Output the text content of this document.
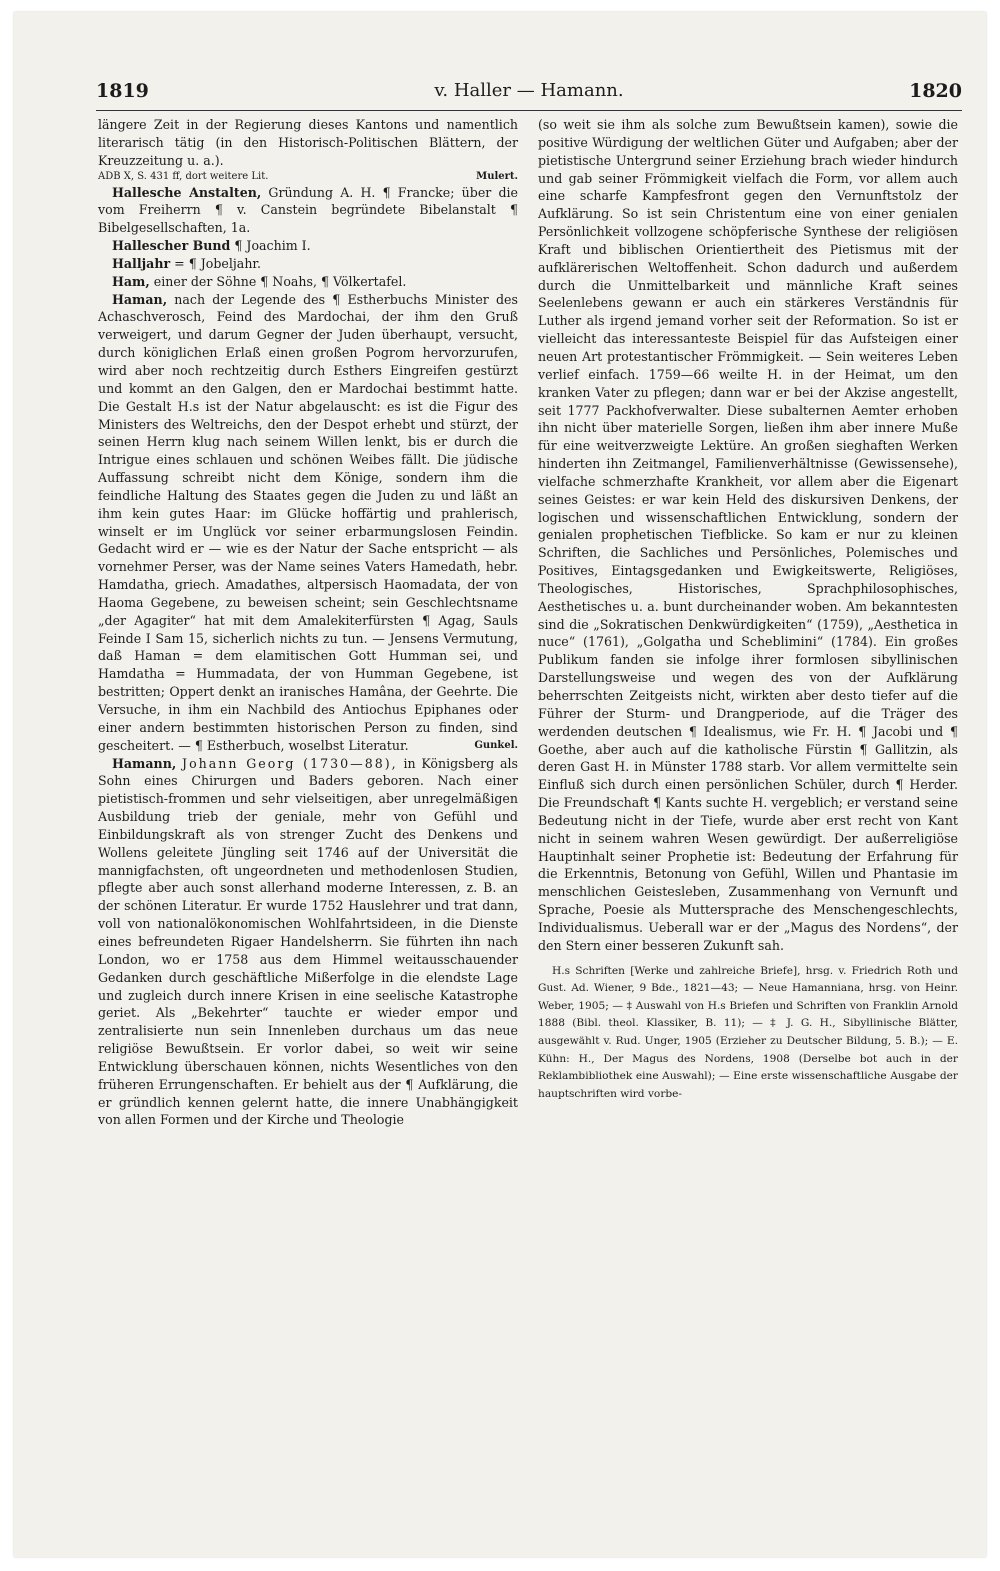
1819	v. Haller — Hamann.	1820

längere Zeit in der Regierung dieses Kantons und namentlich literarisch tätig (in den Historisch-Politischen Blättern, der Kreuzzeitung u. a.).
ADB X, S. 431 ff, dort weitere Lit.	Mulert.

Hallesche Anstalten, Gründung A. H. ¶ Francke; über die vom Freiherrn ¶ v. Canstein begründete Bibelanstalt ¶ Bibelgesellschaften, 1a.

Hallescher Bund ¶ Joachim I.

Halljahr = ¶ Jobeljahr.

Ham, einer der Söhne ¶ Noahs, ¶ Völkertafel.

Haman, nach der Legende des ¶ Estherbuchs Minister des Achaschverosch, Feind des Mardochai, der ihm den Gruß verweigert, und darum Gegner der Juden überhaupt, versucht, durch königlichen Erlaß einen großen Pogrom hervorzurufen, wird aber noch rechtzeitig durch Esthers Eingreifen gestürzt und kommt an den Galgen, den er Mardochai bestimmt hatte. Die Gestalt H.s ist der Natur abgelauscht: es ist die Figur des Ministers des Weltreichs, den der Despot erhebt und stürzt, der seinen Herrn klug nach seinem Willen lenkt, bis er durch die Intrigue eines schlauen und schönen Weibes fällt. Die jüdische Auffassung schreibt nicht dem Könige, sondern ihm die feindliche Haltung des Staates gegen die Juden zu und läßt an ihm kein gutes Haar: im Glücke hoffärtig und prahlerisch, winselt er im Unglück vor seiner erbarmungslosen Feindin. Gedacht wird er — wie es der Natur der Sache entspricht — als vornehmer Perser, was der Name seines Vaters Hamedath, hebr. Hamdatha, griech. Amadathes, altpersisch Haomadata, der von Haoma Gegebene, zu beweisen scheint; sein Geschlechtsname „der Agagiter“ hat mit dem Amalekiterfürsten ¶ Agag, Sauls Feinde I Sam 15, sicherlich nichts zu tun. — Jensens Vermutung, daß Haman = dem elamitischen Gott Humman sei, und Hamdatha = Hummadata, der von Humman Gegebene, ist bestritten; Oppert denkt an iranisches Hamâna, der Geehrte. Die Versuche, in ihm ein Nachbild des Antiochus Epiphanes oder einer andern bestimmten historischen Person zu finden, sind gescheitert. — ¶ Estherbuch, woselbst Literatur.	Gunkel.

Hamann, Johann Georg (1730—88), in Königsberg als Sohn eines Chirurgen und Baders geboren. Nach einer pietistisch-frommen und sehr vielseitigen, aber unregelmäßigen Ausbildung trieb der geniale, mehr von Gefühl und Einbildungskraft als von strenger Zucht des Denkens und Wollens geleitete Jüngling seit 1746 auf der Universität die mannigfachsten, oft ungeordneten und methodenlosen Studien, pflegte aber auch sonst allerhand moderne Interessen, z. B. an der schönen Literatur. Er wurde 1752 Hauslehrer und trat dann, voll von nationalökonomischen Wohlfahrtsideen, in die Dienste eines befreundeten Rigaer Handelsherrn. Sie führten ihn nach London, wo er 1758 aus dem Himmel weitausschauender Gedanken durch geschäftliche Mißerfolge in die elendste Lage und zugleich durch innere Krisen in eine seelische Katastrophe geriet. Als „Bekehrter“ tauchte er wieder empor und zentralisierte nun sein Innenleben durchaus um das neue religiöse Bewußtsein. Er vorlor dabei, so weit wir seine Entwicklung überschauen können, nichts Wesentliches von den früheren Errungenschaften. Er behielt aus der ¶ Aufklärung, die er gründlich kennen gelernt hatte, die innere Unabhängigkeit von allen Formen und der Kirche und Theologie

(so weit sie ihm als solche zum Bewußtsein kamen), sowie die positive Würdigung der weltlichen Güter und Aufgaben; aber der pietistische Untergrund seiner Erziehung brach wieder hindurch und gab seiner Frömmigkeit vielfach die Form, vor allem auch eine scharfe Kampfesfront gegen den Vernunftstolz der Aufklärung. So ist sein Christentum eine von einer genialen Persönlichkeit vollzogene schöpferische Synthese der religiösen Kraft und biblischen Orientiertheit des Pietismus mit der aufklärerischen Weltoffenheit. Schon dadurch und außerdem durch die Unmittelbarkeit und männliche Kraft seines Seelenlebens gewann er auch ein stärkeres Verständnis für Luther als irgend jemand vorher seit der Reformation. So ist er vielleicht das interessanteste Beispiel für das Aufsteigen einer neuen Art protestantischer Frömmigkeit. — Sein weiteres Leben verlief einfach. 1759—66 weilte H. in der Heimat, um den kranken Vater zu pflegen; dann war er bei der Akzise angestellt, seit 1777 Packhofverwalter. Diese subalternen Aemter erhoben ihn nicht über materielle Sorgen, ließen ihm aber innere Muße für eine weitverzweigte Lektüre. An großen sieghaften Werken hinderten ihn Zeitmangel, Familienverhältnisse (Gewissensehe), vielfache schmerzhafte Krankheit, vor allem aber die Eigenart seines Geistes: er war kein Held des diskursiven Denkens, der logischen und wissenschaftlichen Entwicklung, sondern der genialen prophetischen Tiefblicke. So kam er nur zu kleinen Schriften, die Sachliches und Persönliches, Polemisches und Positives, Eintagsgedanken und Ewigkeitswerte, Religiöses, Theologisches, Historisches, Sprachphilosophisches, Aesthetisches u. a. bunt durcheinander woben. Am bekanntesten sind die „Sokratischen Denkwürdigkeiten“ (1759), „Aesthetica in nuce“ (1761), „Golgatha und Scheblimini“ (1784). Ein großes Publikum fanden sie infolge ihrer formlosen sibyllinischen Darstellungsweise und wegen des von der Aufklärung beherrschten Zeitgeists nicht, wirkten aber desto tiefer auf die Führer der Sturm- und Drangperiode, auf die Träger des werdenden deutschen ¶ Idealismus, wie Fr. H. ¶ Jacobi und ¶ Goethe, aber auch auf die katholische Fürstin ¶ Gallitzin, als deren Gast H. in Münster 1788 starb. Vor allem vermittelte sein Einfluß sich durch einen persönlichen Schüler, durch ¶ Herder. Die Freundschaft ¶ Kants suchte H. vergeblich; er verstand seine Bedeutung nicht in der Tiefe, wurde aber erst recht von Kant nicht in seinem wahren Wesen gewürdigt. Der außerreligiöse Hauptinhalt seiner Prophetie ist: Bedeutung der Erfahrung für die Erkenntnis, Betonung von Gefühl, Willen und Phantasie im menschlichen Geistesleben, Zusammenhang von Vernunft und Sprache, Poesie als Muttersprache des Menschengeschlechts, Individualismus. Ueberall war er der „Magus des Nordens“, der den Stern einer besseren Zukunft sah.

H.s Schriften [Werke und zahlreiche Briefe], hrsg. v. Friedrich Roth und Gust. Ad. Wiener, 9 Bde., 1821—43; — Neue Hamanniana, hrsg. von Heinr. Weber, 1905; — ‡ Auswahl von H.s Briefen und Schriften von Franklin Arnold 1888 (Bibl. theol. Klassiker, B. 11); — ‡ J. G. H., Sibyllinische Blätter, ausgewählt v. Rud. Unger, 1905 (Erzieher zu Deutscher Bildung, 5. B.); — E. Kühn: H., Der Magus des Nordens, 1908 (Derselbe bot auch in der Reklambibliothek eine Auswahl); — Eine erste wissenschaftliche Ausgabe der hauptschriften wird vorbe-
